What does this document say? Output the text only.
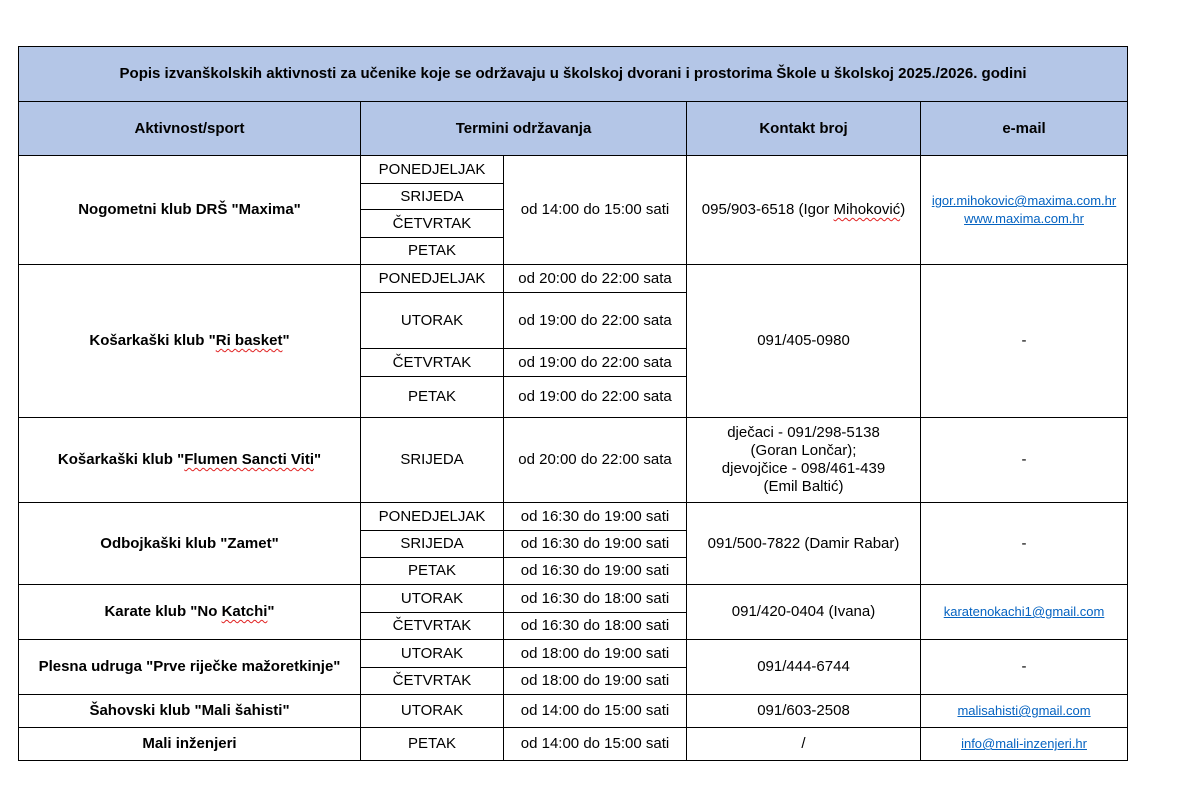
Popis izvanškolskih aktivnosti za učenike koje se održavaju u školskoj dvorani i prostorima Škole u školskoj 2025./2026. godini				
Aktivnost/sport	Termini održavanja		Kontakt broj	e-mail
Nogometni klub DRŠ "Maxima"	PONEDJELJAK	od 14:00 do 15:00 sati	095/903-6518 (Igor Mihoković)	igor.mihokovic@maxima.com.hr
www.maxima.com.hr
	SRIJEDA			
	ČETVRTAK			
	PETAK			
Košarkaški klub "Ri basket"	PONEDJELJAK	od 20:00 do 22:00 sata	091/405-0980	-
	UTORAK	od 19:00 do 22:00 sata		
	ČETVRTAK	od 19:00 do 22:00 sata		
	PETAK	od 19:00 do 22:00 sata		
Košarkaški klub "Flumen Sancti Viti"	SRIJEDA	od 20:00 do 22:00 sata	dječaci - 091/298-5138
(Goran Lončar);
djevojčice - 098/461-439
(Emil Baltić)	-
Odbojkaški klub "Zamet"	PONEDJELJAK	od 16:30 do 19:00 sati	091/500-7822 (Damir Rabar)	-
	SRIJEDA	od 16:30 do 19:00 sati		
	PETAK	od 16:30 do 19:00 sati		
Karate klub "No Katchi"	UTORAK	od 16:30 do 18:00 sati	091/420-0404 (Ivana)	karatenokachi1@gmail.com
	ČETVRTAK	od 16:30 do 18:00 sati		
Plesna udruga "Prve riječke mažoretkinje"	UTORAK	od 18:00 do 19:00 sati	091/444-6744	-
	ČETVRTAK	od 18:00 do 19:00 sati		
Šahovski klub "Mali šahisti"	UTORAK	od 14:00 do 15:00 sati	091/603-2508	malisahisti@gmail.com
Mali inženjeri	PETAK	od 14:00 do 15:00 sati	/	info@mali-inzenjeri.hr
